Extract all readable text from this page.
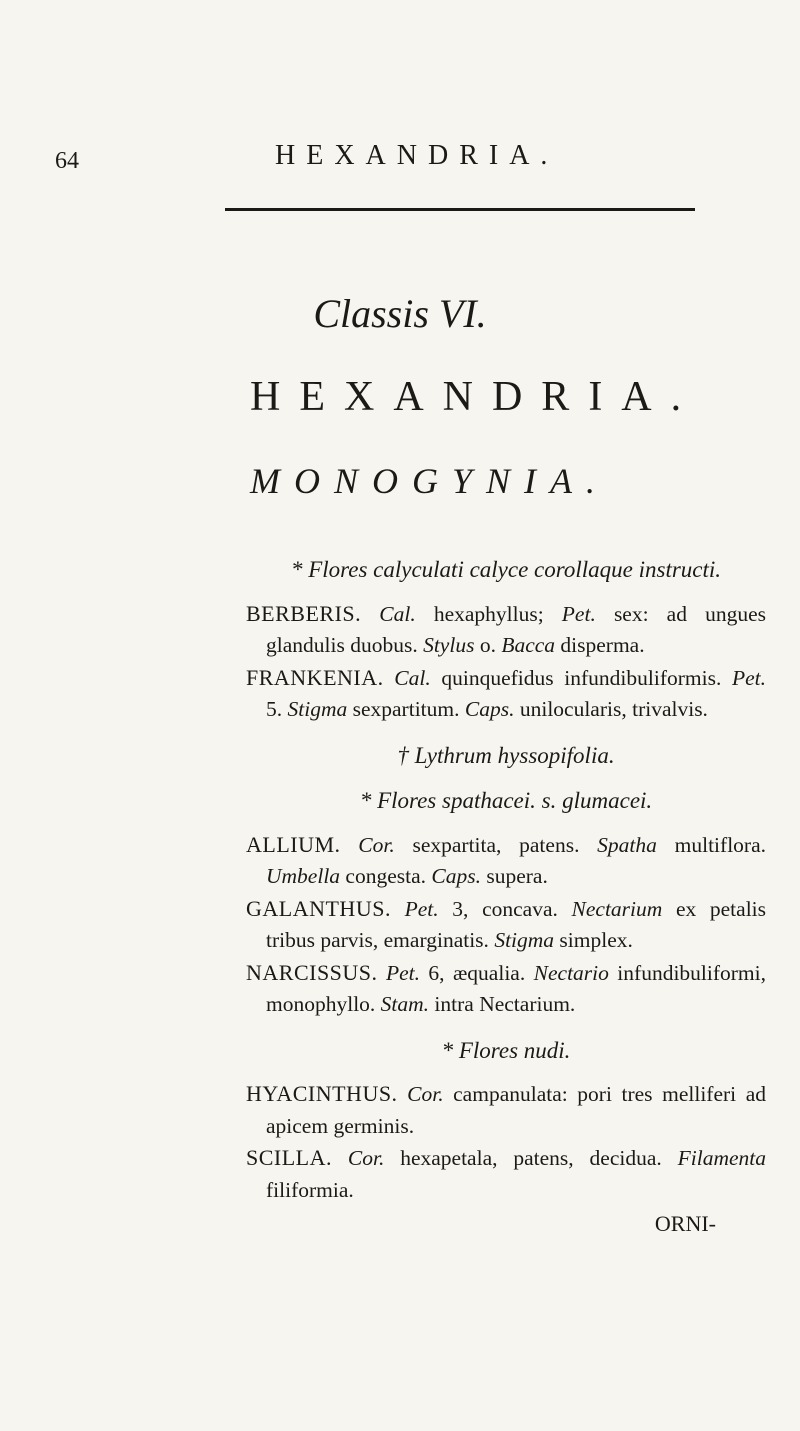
64	HEXANDRIA.
Classis VI.
HEXANDRIA.
MONOGYNIA.
* Flores calyculati calyce corollaque instructi.
BERBERIS. Cal. hexaphyllus; Pet. sex: ad ungues glandulis duobus. Stylus o. Bacca disperma.
FRANKENIA. Cal. quinquefidus infundibuliformis. Pet. 5. Stigma sexpartitum. Caps. unilocularis, trivalvis.
† Lythrum hyssopifolia.
* Flores spathacei. s. glumacei.
ALLIUM. Cor. sexpartita, patens. Spatha multiflora. Umbella congesta. Caps. supera.
GALANTHUS. Pet. 3, concava. Nectarium ex petalis tribus parvis, emarginatis. Stigma simplex.
NARCISSUS. Pet. 6, æqualia. Nectario infundibuliformi, monophyllo. Stam. intra Nectarium.
* Flores nudi.
HYACINTHUS. Cor. campanulata: pori tres melliferi ad apicem germinis.
SCILLA. Cor. hexapetala, patens, decidua. Filamenta filiformia.
ORNI-
